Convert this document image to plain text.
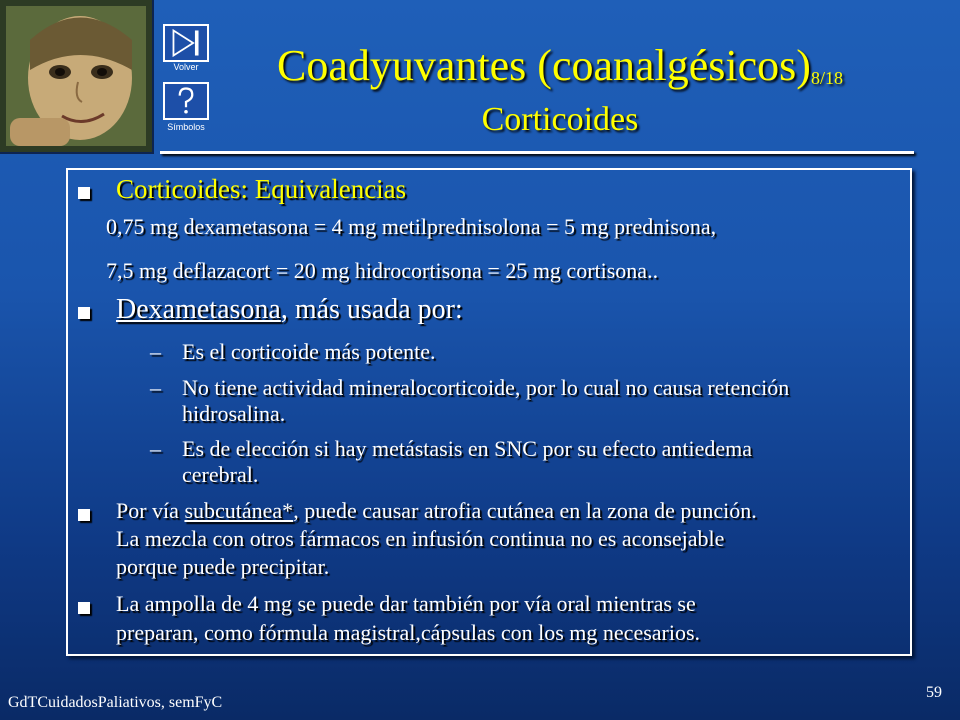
Volver
Símbolos
Coadyuvantes (coanalgésicos)8/18
Corticoides
Corticoides: Equivalencias
0,75 mg dexametasona = 4 mg metilprednisolona = 5 mg prednisona,
7,5 mg deflazacort = 20 mg hidrocortisona = 25 mg cortisona..
Dexametasona, más usada por:
– Es el corticoide más potente.
– No tiene actividad mineralocorticoide, por lo cual no causa retención
hidrosalina.
– Es de elección si hay metástasis en SNC por su efecto antiedema
cerebral.
Por vía subcutánea*, puede causar atrofia cutánea en la zona de punción.
La mezcla con otros fármacos en infusión continua no es aconsejable
porque puede precipitar.
La ampolla de 4 mg se puede dar también por vía oral mientras se
preparan, como fórmula magistral,cápsulas con los mg necesarios.
GdTCuidadosPaliativos, semFyC
59
